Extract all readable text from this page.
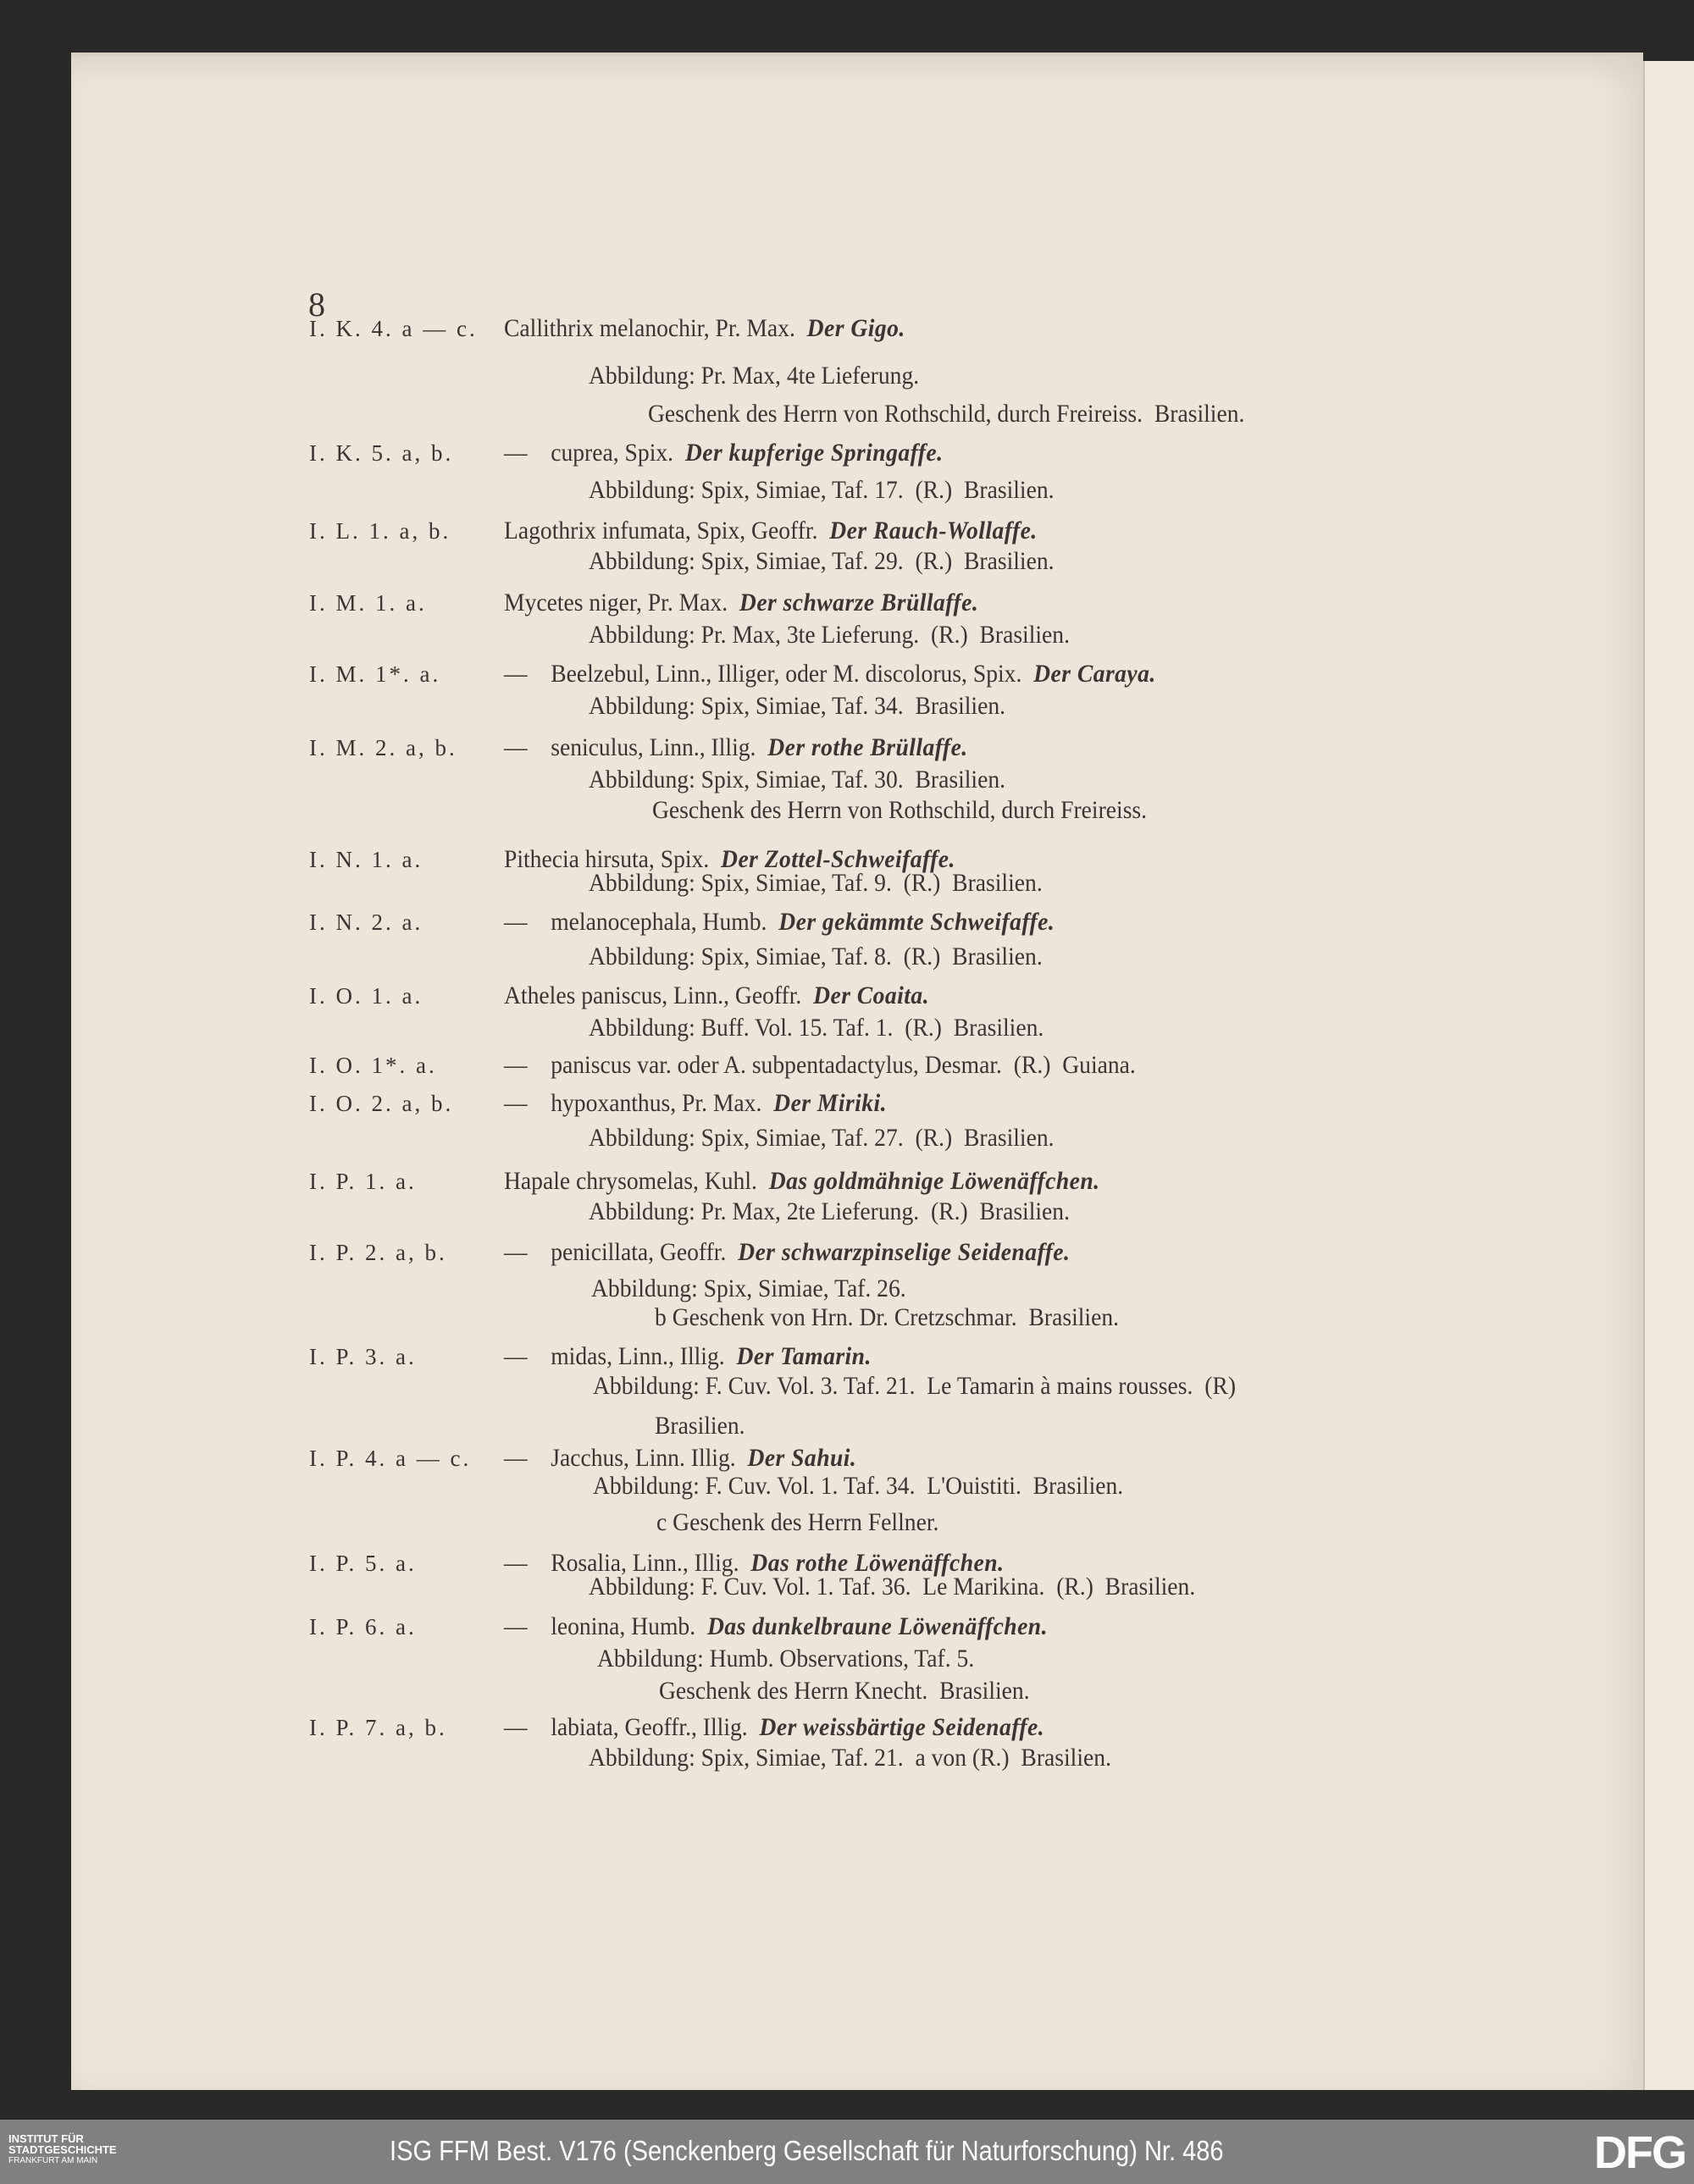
I. K. 4. a — c. Callithrix melanochir, Pr. Max. Der Gigo.
Abbildung: Pr. Max, 4te Lieferung.
Geschenk des Herrn von Rothschild, durch Freireiss.  Brasilien.
I. K. 5. a, b. — cuprea, Spix. Der kupferige Springaffe.
Abbildung: Spix, Simiae, Taf. 17.  (R.)  Brasilien.
I. L. 1. a, b. Lagothrix infumata, Spix, Geoffr. Der Rauch-Wollaffe.
Abbildung: Spix, Simiae, Taf. 29.  (R.)  Brasilien.
I. M. 1. a.	Mycetes niger, Pr. Max. Der schwarze Brüllaffe.
Abbildung: Pr. Max, 3te Lieferung.  (R.)  Brasilien.
I. M. 1*. a. — Beelzebul, Linn., Illiger, oder M. discolorus, Spix. Der Caraya.
Abbildung: Spix, Simiae, Taf. 34.  Brasilien.
I. M. 2. a, b. — seniculus, Linn., Illig. Der rothe Brüllaffe.
Abbildung: Spix, Simiae, Taf. 30.  Brasilien.
Geschenk des Herrn von Rothschild, durch Freireiss.
I. N. 1. a.	Pithecia hirsuta, Spix. Der Zottel-Schweifaffe.
Abbildung: Spix, Simiae, Taf. 9.  (R.)  Brasilien.
I. N. 2. a.	— melanocephala, Humb. Der gekämmte Schweifaffe.
Abbildung: Spix, Simiae, Taf. 8.  (R.)  Brasilien.
I. O. 1. a.	Atheles paniscus, Linn., Geoffr. Der Coaita.
Abbildung: Buff. Vol. 15. Taf. 1.  (R.)  Brasilien.
I. O. 1*. a.	— paniscus var. oder A. subpentadactylus, Desmar. (R.)  Guiana.
I. O. 2. a, b. — hypoxanthus, Pr. Max. Der Miriki.
Abbildung: Spix, Simiae, Taf. 27.  (R.)  Brasilien.
I. P. 1. a.	Hapale chrysomelas, Kuhl. Das goldmähnige Löwenäffchen.
Abbildung: Pr. Max, 2te Lieferung.  (R.)  Brasilien.
I. P. 2. a, b. — penicillata, Geoffr. Der schwarzpinselige Seidenaffe.
Abbildung: Spix, Simiae, Taf. 26.
b Geschenk von Hrn. Dr. Cretzschmar.  Brasilien.
I. P. 3. a.	— midas, Linn., Illig. Der Tamarin.
Abbildung: F. Cuv. Vol. 3. Taf. 21.  Le Tamarin à mains rousses.  (R)
Brasilien.
I. P. 4. a — c. — Jacchus, Linn. Illig. Der Sahui.
Abbildung: F. Cuv. Vol. 1. Taf. 34.  L'Ouistiti.  Brasilien.
c Geschenk des Herrn Fellner.
I. P. 5. a.	— Rosalia, Linn., Illig. Das rothe Löwenäffchen.
Abbildung: F. Cuv. Vol. 1. Taf. 36.  Le Marikina.  (R.)  Brasilien.
I. P. 6. a.	— leonina, Humb. Das dunkelbraune Löwenäffchen.
Abbildung: Humb. Observations, Taf. 5.
Geschenk des Herrn Knecht.  Brasilien.
I. P. 7. a, b. — labiata, Geoffr., Illig. Der weissbärtige Seidenaffe.
Abbildung: Spix, Simiae, Taf. 21.  a von (R.)  Brasilien.
8
INSTITUT FÜR
STADTGESCHICHTE
FRANKFURT AM MAIN	ISG FFM Best. V176 (Senckenberg Gesellschaft für Naturforschung) Nr. 486	DFG
